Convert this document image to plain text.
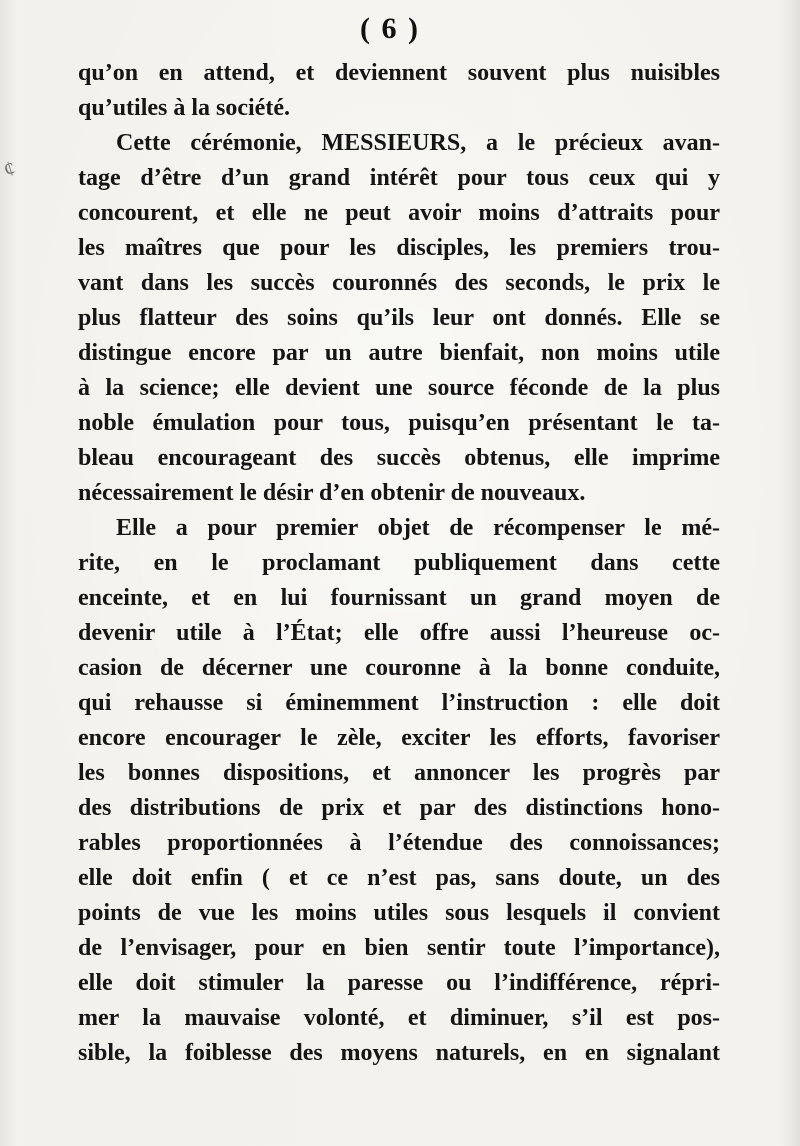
¢
( 6 )
qu’on en attend, et deviennent souvent plus nuisibles
qu’utiles à la société.
Cette cérémonie, MESSIEURS, a le précieux avan-
tage d’être d’un grand intérêt pour tous ceux qui y
concourent, et elle ne peut avoir moins d’attraits pour
les maîtres que pour les disciples, les premiers trou-
vant dans les succès couronnés des seconds, le prix le
plus flatteur des soins qu’ils leur ont donnés. Elle se
distingue encore par un autre bienfait, non moins utile
à la science; elle devient une source féconde de la plus
noble émulation pour tous, puisqu’en présentant le ta-
bleau encourageant des succès obtenus, elle imprime
nécessairement le désir d’en obtenir de nouveaux.
Elle a pour premier objet de récompenser le mé-
rite, en le proclamant publiquement dans cette
enceinte, et en lui fournissant un grand moyen de
devenir utile à l’État; elle offre aussi l’heureuse oc-
casion de décerner une couronne à la bonne conduite,
qui rehausse si éminemment l’instruction : elle doit
encore encourager le zèle, exciter les efforts, favoriser
les bonnes dispositions, et annoncer les progrès par
des distributions de prix et par des distinctions hono-
rables proportionnées à l’étendue des connoissances;
elle doit enfin ( et ce n’est pas, sans doute, un des
points de vue les moins utiles sous lesquels il convient
de l’envisager, pour en bien sentir toute l’importance),
elle doit stimuler la paresse ou l’indifférence, répri-
mer la mauvaise volonté, et diminuer, s’il est pos-
sible, la foiblesse des moyens naturels, en en signalant
